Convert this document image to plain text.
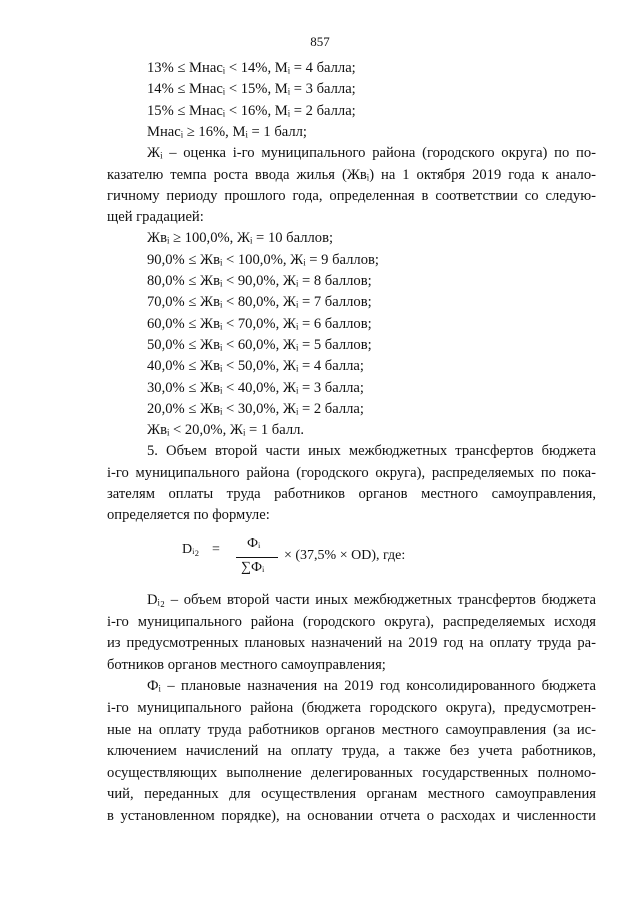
857
13% ≤ Мнасᵢ < 14%, Мᵢ = 4 балла;
14% ≤ Мнасᵢ < 15%, Мᵢ = 3 балла;
15% ≤ Мнасᵢ < 16%, Мᵢ = 2 балла;
Мнасᵢ ≥ 16%, Мᵢ = 1 балл;
Жᵢ – оценка i-го муниципального района (городского округа) по по-
казателю темпа роста ввода жилья (Жвᵢ) на 1 октября 2019 года к анало-
гичному периоду прошлого года, определенная в соответствии со следую-
щей градацией:
Жвᵢ ≥ 100,0%, Жᵢ = 10 баллов;
90,0% ≤ Жвᵢ < 100,0%, Жᵢ = 9 баллов;
80,0% ≤ Жвᵢ < 90,0%, Жᵢ = 8 баллов;
70,0% ≤ Жвᵢ < 80,0%, Жᵢ = 7 баллов;
60,0% ≤ Жвᵢ < 70,0%, Жᵢ = 6 баллов;
50,0% ≤ Жвᵢ < 60,0%, Жᵢ = 5 баллов;
40,0% ≤ Жвᵢ < 50,0%, Жᵢ = 4 балла;
30,0% ≤ Жвᵢ < 40,0%, Жᵢ = 3 балла;
20,0% ≤ Жвᵢ < 30,0%, Жᵢ = 2 балла;
Жвᵢ < 20,0%, Жᵢ = 1 балл.
5. Объем второй части иных межбюджетных трансфертов бюджета
i-го муниципального района (городского округа), распределяемых по пока-
зателям оплаты труда работников органов местного самоуправления,
определяется по формуле:
Dᵢ₂ = Фᵢ
∑Фᵢ
× (37,5% × OD), где:
Dᵢ₂ – объем второй части иных межбюджетных трансфертов бюджета
i-го муниципального района (городского округа), распределяемых исходя
из предусмотренных плановых назначений на 2019 год на оплату труда ра-
ботников органов местного самоуправления;
Фᵢ – плановые назначения на 2019 год консолидированного бюджета
i-го муниципального района (бюджета городского округа), предусмотрен-
ные на оплату труда работников органов местного самоуправления (за ис-
ключением начислений на оплату труда, а также без учета работников,
осуществляющих выполнение делегированных государственных полномо-
чий, переданных для осуществления органам местного самоуправления
в установленном порядке), на основании отчета о расходах и численности
